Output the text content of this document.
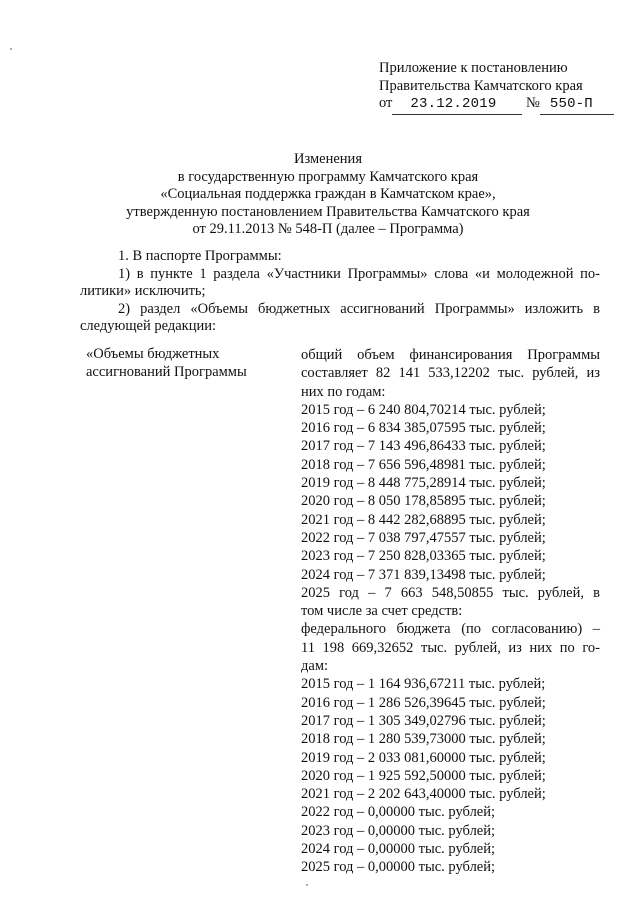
Приложение к постановлению
Правительства Камчатского края
от 23.12.2019 № 550-П
Изменения
в государственную программу Камчатского края
«Социальная поддержка граждан в Камчатском крае»,
утвержденную постановлением Правительства Камчатского края
от 29.11.2013 № 548-П (далее – Программа)

1. В паспорте Программы:

1) в пункте 1 раздела «Участники Программы» слова «и молодежной по-

литики» исключить;

2) раздел «Объемы бюджетных ассигнований Программы» изложить в

следующей редакции:

«Объемы бюджетных
ассигнований Программы
общий объем финансирования Программы
составляет 82 141 533,12202 тыс. рублей, из
них по годам:
2015 год – 6 240 804,70214 тыс. рублей;
2016 год – 6 834 385,07595 тыс. рублей;
2017 год – 7 143 496,86433 тыс. рублей;
2018 год – 7 656 596,48981 тыс. рублей;
2019 год – 8 448 775,28914 тыс. рублей;
2020 год – 8 050 178,85895 тыс. рублей;
2021 год – 8 442 282,68895 тыс. рублей;
2022 год – 7 038 797,47557 тыс. рублей;
2023 год – 7 250 828,03365 тыс. рублей;
2024 год – 7 371 839,13498 тыс. рублей;
2025 год – 7 663 548,50855 тыс. рублей, в
том числе за счет средств:
федерального бюджета (по согласованию) –
11 198 669,32652 тыс. рублей, из них по го-
дам:
2015 год – 1 164 936,67211 тыс. рублей;
2016 год – 1 286 526,39645 тыс. рублей;
2017 год – 1 305 349,02796 тыс. рублей;
2018 год – 1 280 539,73000 тыс. рублей;
2019 год – 2 033 081,60000 тыс. рублей;
2020 год – 1 925 592,50000 тыс. рублей;
2021 год – 2 202 643,40000 тыс. рублей;
2022 год – 0,00000 тыс. рублей;
2023 год – 0,00000 тыс. рублей;
2024 год – 0,00000 тыс. рублей;
2025 год – 0,00000 тыс. рублей;
